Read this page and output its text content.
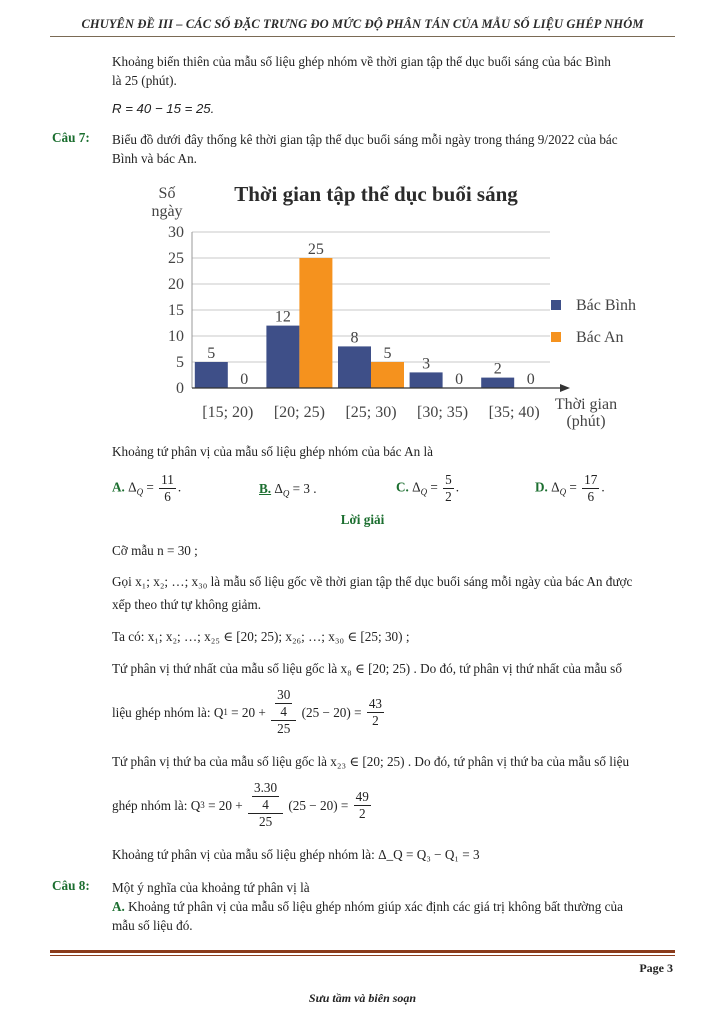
CHUYÊN ĐỀ III – CÁC SỐ ĐẶC TRƯNG ĐO MỨC ĐỘ PHÂN TÁN CỦA MẪU SỐ LIỆU GHÉP NHÓM
Khoảng biến thiên của mẫu số liệu ghép nhóm về thời gian tập thể dục buổi sáng của bác Bình
là 25 (phút).
R = 40 − 15 = 25.
Câu 7: Biểu đồ dưới đây thống kê thời gian tập thể dục buổi sáng mỗi ngày trong tháng 9/2022 của bác
Bình và bác An.
Thời gian tập thể dục buổi sáng
Số
ngày
0
5
10
15
20
25
30
5
0
12
25
8
5
3
0
2
0
[15; 20) [20; 25) [25; 30) [30; 35) [35; 40) Thời gian
(phút)
Bác Bình
Bác An
Khoảng tứ phân vị của mẫu số liệu ghép nhóm của bác An là
A. $\Delta_Q = \frac{11}{6}$ .	B. $\Delta_Q = 3$ .	C. $\Delta_Q = \frac{5}{2}$ .	D. $\Delta_Q = \frac{17}{6}$ .
Lời giải
Cỡ mẫu n = 30 ;
Gọi x₁; x₂; …; x₃₀ là mẫu số liệu gốc về thời gian tập thể dục buổi sáng mỗi ngày của bác An được
xếp theo thứ tự không giảm.
Ta có: x₁; x₂; …; x₂₅ ∈ [20; 25); x₂₆; …; x₃₀ ∈ [25; 30) ;
Tứ phân vị thứ nhất của mẫu số liệu gốc là x₈ ∈ [20; 25) . Do đó, tứ phân vị thứ nhất của mẫu số
liệu ghép nhóm là: Q $1 = 20 + \frac{\frac{30}{4}}{25} (25 - 20) = \frac{43}{2}$
Tứ phân vị thứ ba của mẫu số liệu gốc là x₂₃ ∈ [20; 25) . Do đó, tứ phân vị thứ ba của mẫu số liệu
ghép nhóm là: Q $3 = 20 + \frac{\frac{3.30}{4}}{25} (25 - 20) = \frac{49}{2}$
Khoảng tứ phân vị của mẫu số liệu ghép nhóm là: Δ_Q = Q₃ − Q₁ = 3
Câu 8: Một ý nghĩa của khoảng tứ phân vị là
A. Khoảng tứ phân vị của mẫu số liệu ghép nhóm giúp xác định các giá trị không bất thường của
mẫu số liệu đó.
Page 3
Sưu tầm và biên soạn
